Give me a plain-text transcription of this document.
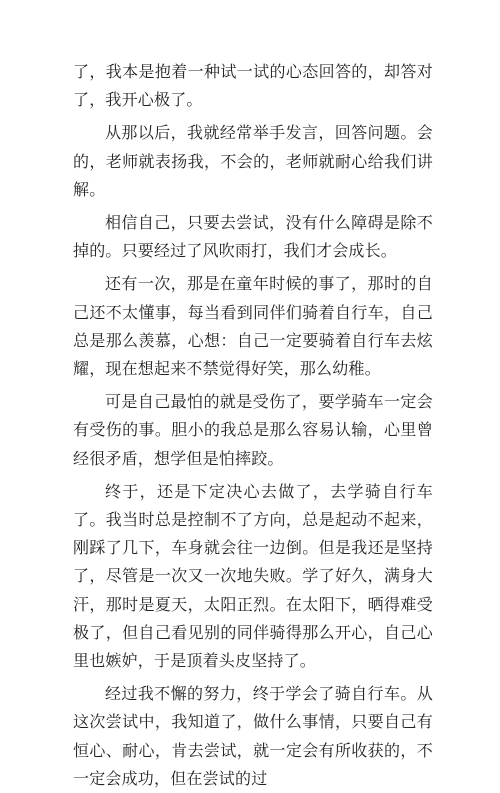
了，我本是抱着一种试一试的心态回答的，却答对了，我开心极了。

从那以后，我就经常举手发言，回答问题。会的，老师就表扬我，不会的，老师就耐心给我们讲解。

相信自己，只要去尝试，没有什么障碍是除不掉的。只要经过了风吹雨打，我们才会成长。

还有一次，那是在童年时候的事了，那时的自己还不太懂事，每当看到同伴们骑着自行车，自己总是那么羡慕，心想：自己一定要骑着自行车去炫耀，现在想起来不禁觉得好笑，那么幼稚。

可是自己最怕的就是受伤了，要学骑车一定会有受伤的事。胆小的我总是那么容易认输，心里曾经很矛盾，想学但是怕摔跤。

终于，还是下定决心去做了，去学骑自行车了。我当时总是控制不了方向，总是起动不起来，刚踩了几下，车身就会往一边倒。但是我还是坚持了，尽管是一次又一次地失败。学了好久，满身大汗，那时是夏天，太阳正烈。在太阳下，晒得难受极了，但自己看见别的同伴骑得那么开心，自己心里也嫉妒，于是顶着头皮坚持了。

经过我不懈的努力，终于学会了骑自行车。从这次尝试中，我知道了，做什么事情，只要自己有恒心、耐心，肯去尝试，就一定会有所收获的，不一定会成功，但在尝试的过
